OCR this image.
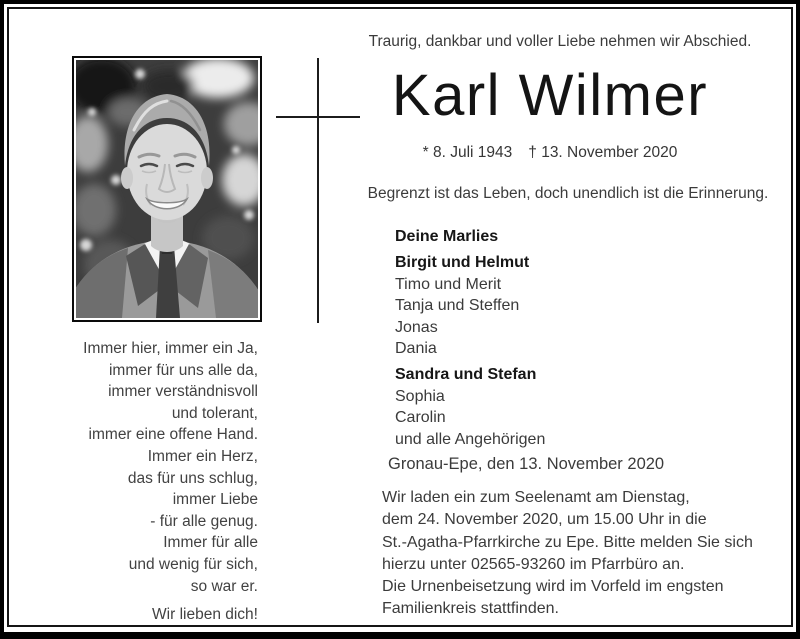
Immer hier, immer ein Ja,
immer für uns alle da,
immer verständnisvoll
und tolerant,
immer eine offene Hand.
Immer ein Herz,
das für uns schlug,
immer Liebe
- für alle genug.
Immer für alle
und wenig für sich,
so war er.
Wir lieben dich!
Traurig, dankbar und voller Liebe nehmen wir Abschied.
Karl Wilmer
* 8. Juli 1943 † 13. November 2020
Begrenzt ist das Leben, doch unendlich ist die Erinnerung.
Deine Marlies
Birgit und Helmut
Timo und Merit
Tanja und Steffen
Jonas
Dania
Sandra und Stefan
Sophia
Carolin
und alle Angehörigen
Gronau-Epe, den 13. November 2020
Wir laden ein zum Seelenamt am Dienstag,
dem 24. November 2020, um 15.00 Uhr in die
St.-Agatha-Pfarrkirche zu Epe. Bitte melden Sie sich
hierzu unter 02565-93260 im Pfarrbüro an.
Die Urnenbeisetzung wird im Vorfeld im engsten
Familienkreis stattfinden.
